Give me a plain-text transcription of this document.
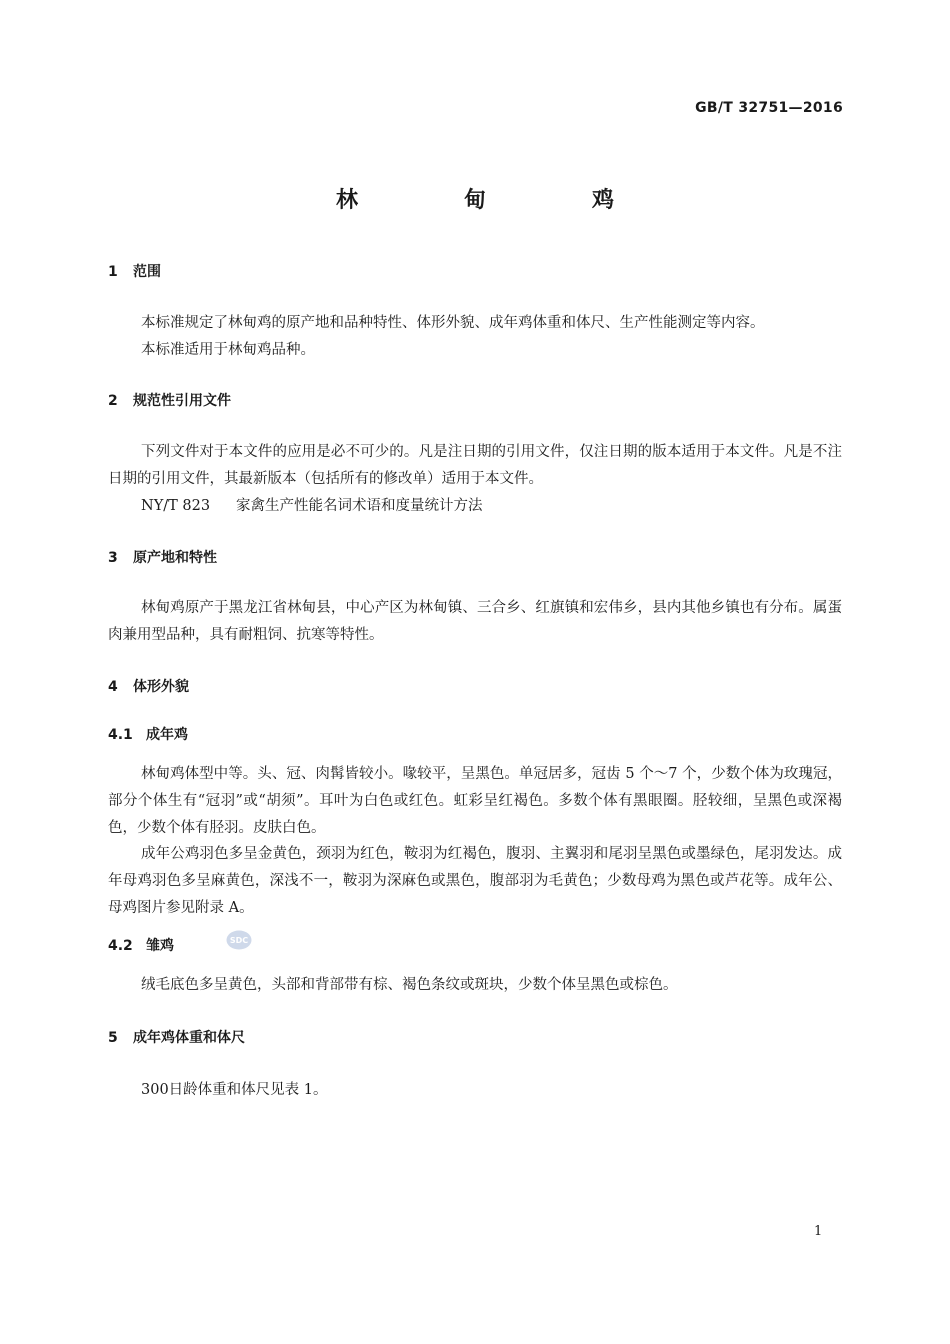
GB/T 32751—2016
林　甸　鸡
1 范围
本标准规定了林甸鸡的原产地和品种特性、体形外貌、成年鸡体重和体尺、生产性能测定等内容。
本标准适用于林甸鸡品种。
2 规范性引用文件
下列文件对于本文件的应用是必不可少的。凡是注日期的引用文件，仅注日期的版本适用于本文件。凡是不注日期的引用文件，其最新版本（包括所有的修改单）适用于本文件。
NY/T 823 家禽生产性能名词术语和度量统计方法
3 原产地和特性
林甸鸡原产于黑龙江省林甸县，中心产区为林甸镇、三合乡、红旗镇和宏伟乡，县内其他乡镇也有分布。属蛋肉兼用型品种，具有耐粗饲、抗寒等特性。
4 体形外貌
4.1 成年鸡
林甸鸡体型中等。头、冠、肉髯皆较小。喙较平，呈黑色。单冠居多，冠齿 5 个～7 个，少数个体为玫瑰冠，部分个体生有“冠羽”或“胡须”。耳叶为白色或红色。虹彩呈红褐色。多数个体有黑眼圈。胫较细，呈黑色或深褐色，少数个体有胫羽。皮肤白色。
成年公鸡羽色多呈金黄色，颈羽为红色，鞍羽为红褐色，腹羽、主翼羽和尾羽呈黑色或墨绿色，尾羽发达。成年母鸡羽色多呈麻黄色，深浅不一，鞍羽为深麻色或黑色，腹部羽为毛黄色；少数母鸡为黑色或芦花等。成年公、母鸡图片参见附录 A。
4.2 雏鸡	SDC
绒毛底色多呈黄色，头部和背部带有棕、褐色条纹或斑块，少数个体呈黑色或棕色。
5 成年鸡体重和体尺
300日龄体重和体尺见表 1。
1
